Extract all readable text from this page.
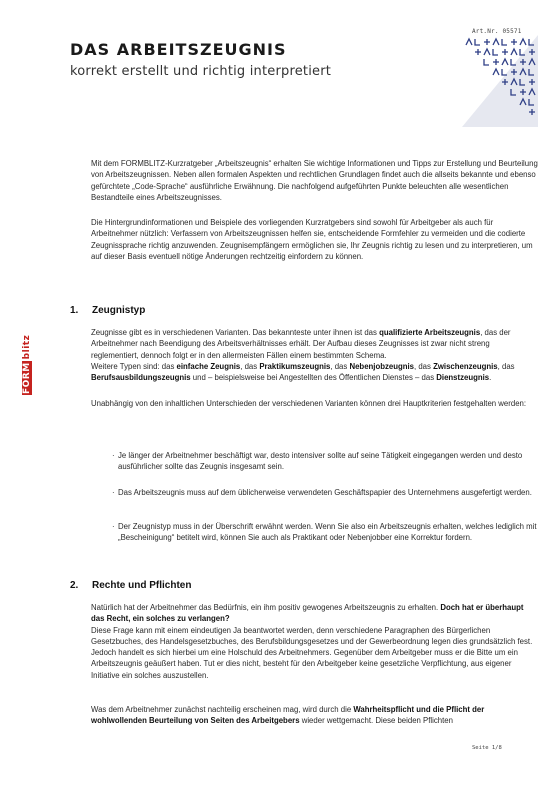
Art.Nr. 05571
DAS ARBEITSZEUGNIS
korrekt erstellt und richtig interpretiert
FORMblitz

Mit dem FORMBLITZ-Kurzratgeber „Arbeitszeugnis“ erhalten Sie wichtige Informationen und Tipps zur Erstellung und Beurteilung von Arbeitszeugnissen. Neben allen formalen Aspekten und rechtlichen Grundlagen findet auch die allseits bekannte und ebenso gefürchtete „Code-Sprache“ ausführliche Erwähnung. Die nachfolgend aufgeführten Punkte beleuchten alle wesentlichen Bestandteile eines Arbeitszeugnisses.

Die Hintergrundinformationen und Beispiele des vorliegenden Kurzratgebers sind sowohl für Arbeitgeber als auch für Arbeitnehmer nützlich: Verfassern von Arbeitszeugnissen helfen sie, entscheidende Formfehler zu vermeiden und die codierte Zeugnissprache richtig anzuwenden. Zeugnisempfängern ermöglichen sie, Ihr Zeugnis richtig zu lesen und zu interpretieren, um auf dieser Basis eventuell nötige Änderungen rechtzeitig einfordern zu können.

1. Zeugnistyp

Zeugnisse gibt es in verschiedenen Varianten. Das bekannteste unter ihnen ist das qualifizierte Arbeitszeugnis, das der Arbeitnehmer nach Beendigung des Arbeitsverhältnisses erhält. Der Aufbau dieses Zeugnisses ist zwar nicht streng reglementiert, dennoch folgt er in den allermeisten Fällen einem bestimmten Schema.
Weitere Typen sind: das einfache Zeugnis, das Praktikumszeugnis, das Nebenjobzeugnis, das Zwischenzeugnis, das Berufsausbildungszeugnis und – beispielsweise bei Angestellten des Öffentlichen Dienstes – das Dienstzeugnis.

Unabhängig von den inhaltlichen Unterschieden der verschiedenen Varianten können drei Hauptkriterien festgehalten werden:

· Je länger der Arbeitnehmer beschäftigt war, desto intensiver sollte auf seine Tätigkeit eingegangen werden und desto ausführlicher sollte das Zeugnis insgesamt sein.
· Das Arbeitszeugnis muss auf dem üblicherweise verwendeten Geschäftspapier des Unternehmens ausgefertigt werden.
· Der Zeugnistyp muss in der Überschrift erwähnt werden. Wenn Sie also ein Arbeitszeugnis erhalten, welches lediglich mit „Bescheinigung“ betitelt wird, können Sie auch als Praktikant oder Nebenjobber eine Korrektur fordern.
2. Rechte und Pflichten

Natürlich hat der Arbeitnehmer das Bedürfnis, ein ihm positiv gewogenes Arbeitszeugnis zu erhalten. Doch hat er überhaupt das Recht, ein solches zu verlangen?
Diese Frage kann mit einem eindeutigen Ja beantwortet werden, denn verschiedene Paragraphen des Bürgerlichen Gesetzbuches, des Handelsgesetzbuches, des Berufsbildungsgesetzes und der Gewerbeordnung legen dies grundsätzlich fest. Jedoch handelt es sich hierbei um eine Holschuld des Arbeitnehmers. Gegenüber dem Arbeitgeber muss er die Bitte um ein Arbeitszeugnis geäußert haben. Tut er dies nicht, besteht für den Arbeitgeber keine gesetzliche Verpflichtung, aus eigener Initiative ein solches auszustellen.

Was dem Arbeitnehmer zunächst nachteilig erscheinen mag, wird durch die Wahrheitspflicht und die Pflicht der wohlwollenden Beurteilung von Seiten des Arbeitgebers wieder wettgemacht. Diese beiden Pflichten

Seite 1/8
